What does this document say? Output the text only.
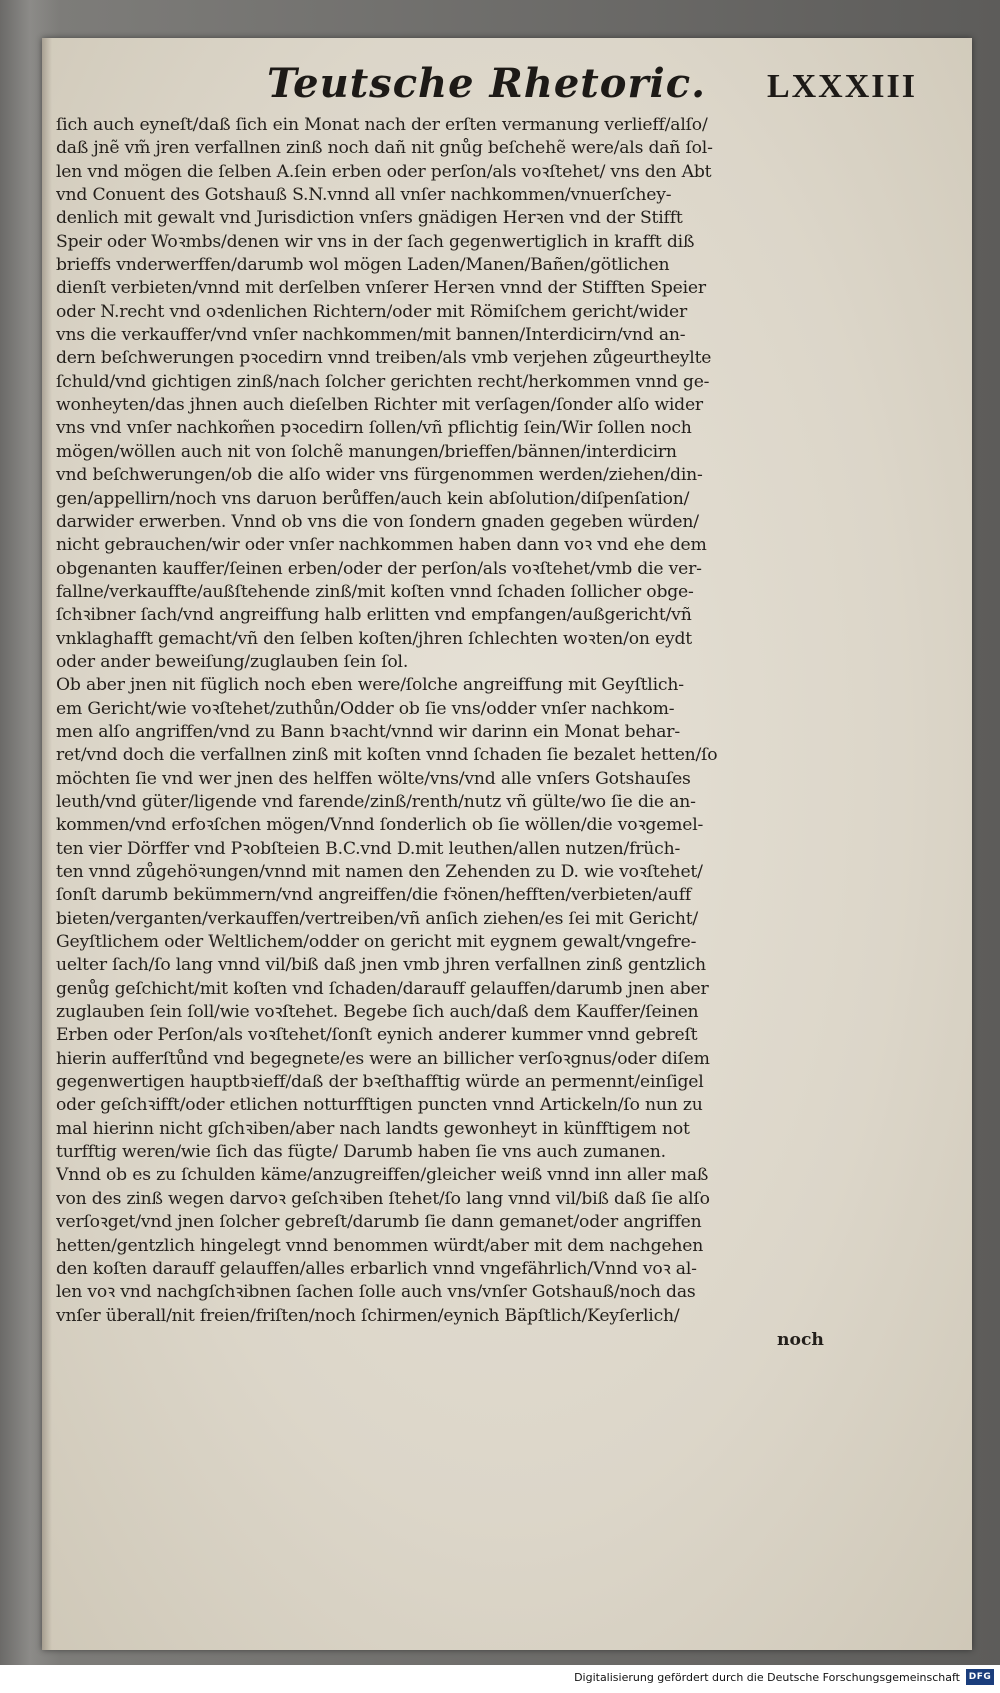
Teutsche Rhetoric. LXXXIII
ſich auch eyneſt/daß ſich ein Monat nach der erſten vermanung verlieff/alſo/
daß jnẽ vm̃ jren verfallnen zinß noch dañ nit gnůg beſchehẽ were/als dañ ſol-
len vnd mögen die ſelben A.ſein erben oder perſon/als voꝛſtehet/ vns den Abt
vnd Conuent des Gotshauß S.N.vnnd all vnſer nachkommen/vnuerſchey-
denlich mit gewalt vnd Jurisdiction vnſers gnädigen Herꝛen vnd der Stifft
Speir oder Woꝛmbs/denen wir vns in der ſach gegenwertiglich in krafft diß
brieffs vnderwerffen/darumb wol mögen Laden/Manen/Bañen/götlichen
dienſt verbieten/vnnd mit derſelben vnſerer Herꝛen vnnd der Stifften Speier
oder N.recht vnd oꝛdenlichen Richtern/oder mit Römiſchem gericht/wider
vns die verkauffer/vnd vnſer nachkommen/mit bannen/Interdicirn/vnd an-
dern beſchwerungen pꝛocedirn vnnd treiben/als vmb verjehen zůgeurtheylte
ſchuld/vnd gichtigen zinß/nach ſolcher gerichten recht/herkommen vnnd ge-
wonheyten/das jhnen auch dieſelben Richter mit verſagen/ſonder alſo wider
vns vnd vnſer nachkom̃en pꝛocedirn ſollen/vñ pflichtig ſein/Wir ſollen noch
mögen/wöllen auch nit von ſolchẽ manungen/brieffen/bännen/interdicirn
vnd beſchwerungen/ob die alſo wider vns fürgenommen werden/ziehen/din-
gen/appellirn/noch vns daruon berůffen/auch kein abſolution/diſpenſation/
darwider erwerben. Vnnd ob vns die von ſondern gnaden gegeben würden/
nicht gebrauchen/wir oder vnſer nachkommen haben dann voꝛ vnd ehe dem
obgenanten kauffer/ſeinen erben/oder der perſon/als voꝛſtehet/vmb die ver-
fallne/verkauffte/außſtehende zinß/mit koſten vnnd ſchaden ſollicher obge-
ſchꝛibner ſach/vnd angreiffung halb erlitten vnd empfangen/außgericht/vñ
vnklaghafft gemacht/vñ den ſelben koſten/jhren ſchlechten woꝛten/on eydt
oder ander beweiſung/zuglauben ſein ſol.
Ob aber jnen nit füglich noch eben were/ſolche angreiffung mit Geyſtlich-
em Gericht/wie voꝛſtehet/zuthůn/Odder ob ſie vns/odder vnſer nachkom-
men alſo angriffen/vnd zu Bann bꝛacht/vnnd wir darinn ein Monat behar-
ret/vnd doch die verfallnen zinß mit koſten vnnd ſchaden ſie bezalet hetten/ſo
möchten ſie vnd wer jnen des helffen wölte/vns/vnd alle vnſers Gotshauſes
leuth/vnd güter/ligende vnd farende/zinß/renth/nutz vñ gülte/wo ſie die an-
kommen/vnd erfoꝛſchen mögen/Vnnd ſonderlich ob ſie wöllen/die voꝛgemel-
ten vier Dörffer vnd Pꝛobſteien B.C.vnd D.mit leuthen/allen nutzen/früch-
ten vnnd zůgehöꝛungen/vnnd mit namen den Zehenden zu D. wie voꝛſtehet/
ſonſt darumb bekümmern/vnd angreiffen/die fꝛönen/hefften/verbieten/auff
bieten/verganten/verkauffen/vertreiben/vñ anſich ziehen/es ſei mit Gericht/
Geyſtlichem oder Weltlichem/odder on gericht mit eygnem gewalt/vngefre-
uelter ſach/ſo lang vnnd vil/biß daß jnen vmb jhren verfallnen zinß gentzlich
genůg geſchicht/mit koſten vnd ſchaden/darauff gelauffen/darumb jnen aber
zuglauben ſein ſoll/wie voꝛſtehet. Begebe ſich auch/daß dem Kauffer/ſeinen
Erben oder Perſon/als voꝛſtehet/ſonſt eynich anderer kummer vnnd gebreſt
hierin aufferſtůnd vnd begegnete/es were an billicher verſoꝛgnus/oder diſem
gegenwertigen hauptbꝛieff/daß der bꝛeſthafftig würde an permennt/einſigel
oder geſchꝛifft/oder etlichen notturfftigen puncten vnnd Artickeln/ſo nun zu
mal hierinn nicht gſchꝛiben/aber nach landts gewonheyt in künfftigem not
turfftig weren/wie ſich das fügte/ Darumb haben ſie vns auch zumanen.
Vnnd ob es zu ſchulden käme/anzugreiffen/gleicher weiß vnnd inn aller maß
von des zinß wegen darvoꝛ geſchꝛiben ſtehet/ſo lang vnnd vil/biß daß ſie alſo
verſoꝛget/vnd jnen ſolcher gebreſt/darumb ſie dann gemanet/oder angriffen
hetten/gentzlich hingelegt vnnd benommen würdt/aber mit dem nachgehen
den koſten darauff gelauffen/alles erbarlich vnnd vngefährlich/Vnnd voꝛ al-
len voꝛ vnd nachgſchꝛibnen ſachen ſolle auch vns/vnſer Gotshauß/noch das
vnſer überall/nit freien/friſten/noch ſchirmen/eynich Bäpſtlich/Keyſerlich/
noch
Digitalisierung gefördert durch die Deutsche Forschungsgemeinschaft DFG
